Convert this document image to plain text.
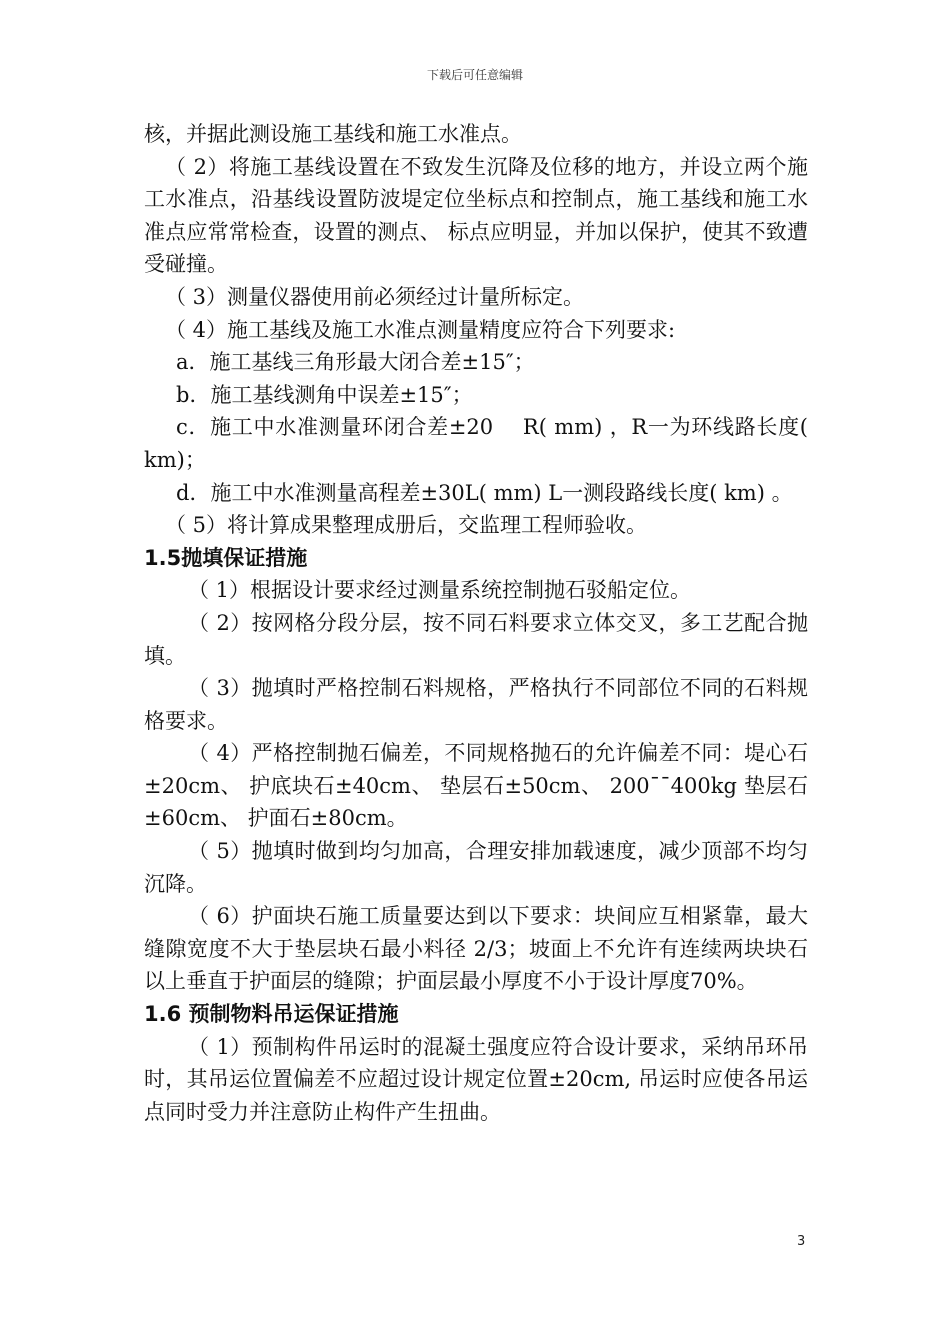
下载后可任意编辑

核，并据此测设施工基线和施工水准点。

（ 2）将施工基线设置在不致发生沉降及位移的地方，并设立两个施工水准点，沿基线设置防波堤定位坐标点和控制点，施工基线和施工水准点应常常检查，设置的测点、 标点应明显，并加以保护，使其不致遭受碰撞。

（ 3）测量仪器使用前必须经过计量所标定。

（ 4）施工基线及施工水准点测量精度应符合下列要求:

a．施工基线三角形最大闭合差±15″；

b．施工基线测角中误差±15″；

c．施工中水准测量环闭合差±20　 R( mm) ，R一为环线路长度( km)；

d．施工中水准测量高程差±30L( mm) L一测段路线长度( km) 。

（ 5）将计算成果整理成册后，交监理工程师验收。

1.5抛填保证措施

（ 1）根据设计要求经过测量系统控制抛石驳船定位。

（ 2）按网格分段分层，按不同石料要求立体交叉，多工艺配合抛填。

（ 3）抛填时严格控制石料规格，严格执行不同部位不同的石料规格要求。

（ 4）严格控制抛石偏差，不同规格抛石的允许偏差不同：堤心石±20cm、 护底块石±40cm、 垫层石±50cm、 200¯¯400kg 垫层石±60cm、 护面石±80cm。

（ 5）抛填时做到均匀加高，合理安排加载速度，减少顶部不均匀沉降。

（ 6）护面块石施工质量要达到以下要求：块间应互相紧靠，最大缝隙宽度不大于垫层块石最小料径 2/3；坡面上不允许有连续两块块石以上垂直于护面层的缝隙；护面层最小厚度不小于设计厚度70%。

1.6 预制物料吊运保证措施

（ 1）预制构件吊运时的混凝土强度应符合设计要求，采纳吊环吊时，其吊运位置偏差不应超过设计规定位置±20cm, 吊运时应使各吊运点同时受力并注意防止构件产生扭曲。

3
